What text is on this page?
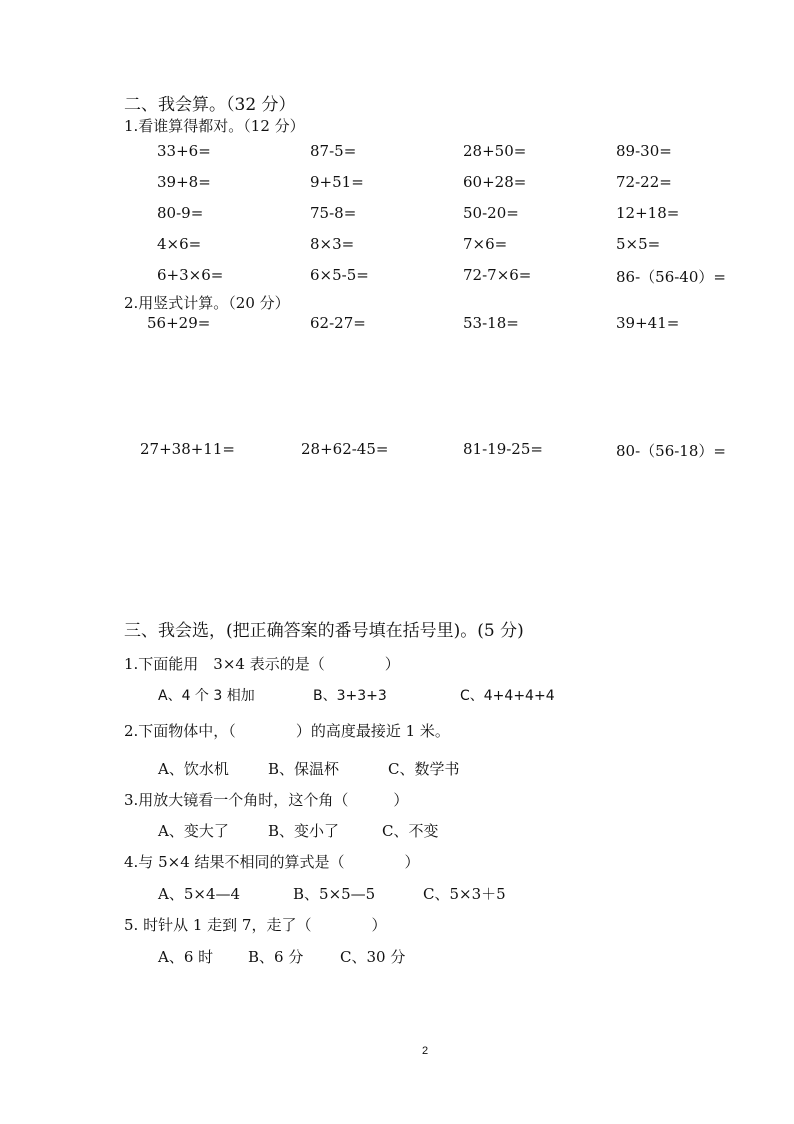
二、我会算。（32 分）
1.看谁算得都对。（12 分）
33+6=	87-5=	28+50=	89-30=
39+8=	9+51=	60+28=	72-22=
80-9=	75-8=	50-20=	12+18=
4×6=	8×3=	7×6=	5×5=
6+3×6=	6×5-5=	72-7×6=	86-（56-40）=
2.用竖式计算。（20 分）
56+29=	62-27=	53-18=	39+41=
27+38+11=	28+62-45=	81-19-25=	80-（56-18）=
三、我会选，(把正确答案的番号填在括号里)。(5 分)
1.下面能用　3×4 表示的是（　　　　）
A、4 个 3 相加	B、3+3+3	C、4+4+4+4
2.下面物体中，（　　　　）的高度最接近 1 米。
A、饮水机	B、保温杯	C、数学书
3.用放大镜看一个角时，这个角（　　　）
A、变大了	B、变小了	C、不变
4.与 5×4 结果不相同的算式是（　　　　）
A、5×4—4	B、5×5—5	C、5×3＋5
5. 时针从 1 走到 7，走了（　　　　）
A、6 时 B、6 分 C、30 分
2
